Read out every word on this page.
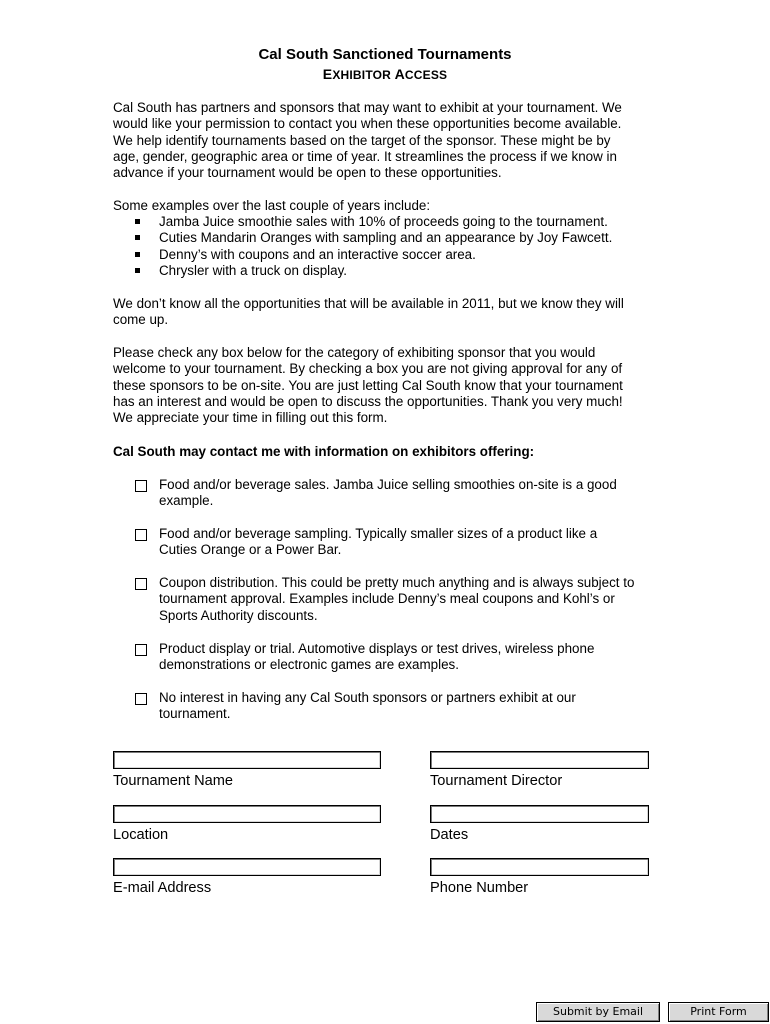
Cal South Sanctioned Tournaments
EXHIBITOR ACCESS
Cal South has partners and sponsors that may want to exhibit at your tournament. We
would like your permission to contact you when these opportunities become available.
We help identify tournaments based on the target of the sponsor. These might be by
age, gender, geographic area or time of year. It streamlines the process if we know in
advance if your tournament would be open to these opportunities.
Some examples over the last couple of years include:
Jamba Juice smoothie sales with 10% of proceeds going to the tournament.
Cuties Mandarin Oranges with sampling and an appearance by Joy Fawcett.
Denny’s with coupons and an interactive soccer area.
Chrysler with a truck on display.
We don’t know all the opportunities that will be available in 2011, but we know they will
come up.
Please check any box below for the category of exhibiting sponsor that you would
welcome to your tournament. By checking a box you are not giving approval for any of
these sponsors to be on-site. You are just letting Cal South know that your tournament
has an interest and would be open to discuss the opportunities. Thank you very much!
We appreciate your time in filling out this form.
Cal South may contact me with information on exhibitors offering:
Food and/or beverage sales. Jamba Juice selling smoothies on-site is a good
example.
Food and/or beverage sampling. Typically smaller sizes of a product like a
Cuties Orange or a Power Bar.
Coupon distribution. This could be pretty much anything and is always subject to
tournament approval. Examples include Denny’s meal coupons and Kohl’s or
Sports Authority discounts.
Product display or trial. Automotive displays or test drives, wireless phone
demonstrations or electronic games are examples.
No interest in having any Cal South sponsors or partners exhibit at our
tournament.
Tournament Name	Tournament Director
Location	Dates
E-mail Address	Phone Number
Submit by Email	Print Form
